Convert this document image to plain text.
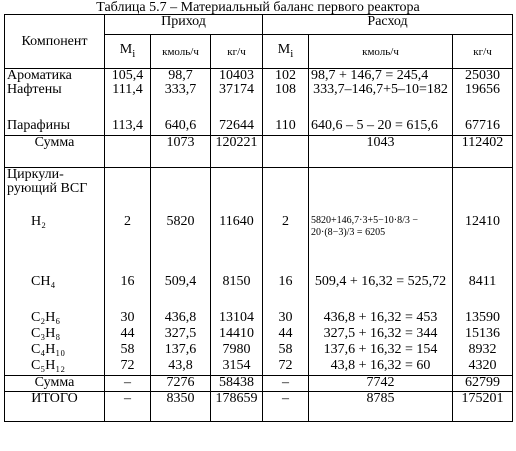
Таблица 5.7 – Материальный баланс первого реактора
Компонент	Приход			Расход		
	$M_i$	кмоль/ч	кг/ч	$M_i$	кмоль/ч	кг/ч
Ароматика	105,4	98,7	10403	102	98,7 + 146,7 = 245,4	25030
Нафтены	111,4	333,7	37174	108	333,7–146,7+5–10=182	19656
Парафины	113,4	640,6	72644	110	640,6 – 5 – 20 = 615,6	67716
Сумма		1073	120221		1043	112402
Циркули-рующий ВСГ						
H₂	2	5820	11640	2	5820+146,7·3+5−10·8/3 − 20·(8−3)/3 = 6205	12410
CH₄	16	509,4	8150	16	509,4 + 16,32 = 525,72	8411
C₂H₆	30	436,8	13104	30	436,8 + 16,32 = 453	13590
C₃H₈	44	327,5	14410	44	327,5 + 16,32 = 344	15136
C₄H₁₀	58	137,6	7980	58	137,6 + 16,32 = 154	8932
C₅H₁₂	72	43,8	3154	72	43,8 + 16,32 = 60	4320
Сумма	–	7276	58438	–	7742	62799
ИТОГО	–	8350	178659	–	8785	175201
